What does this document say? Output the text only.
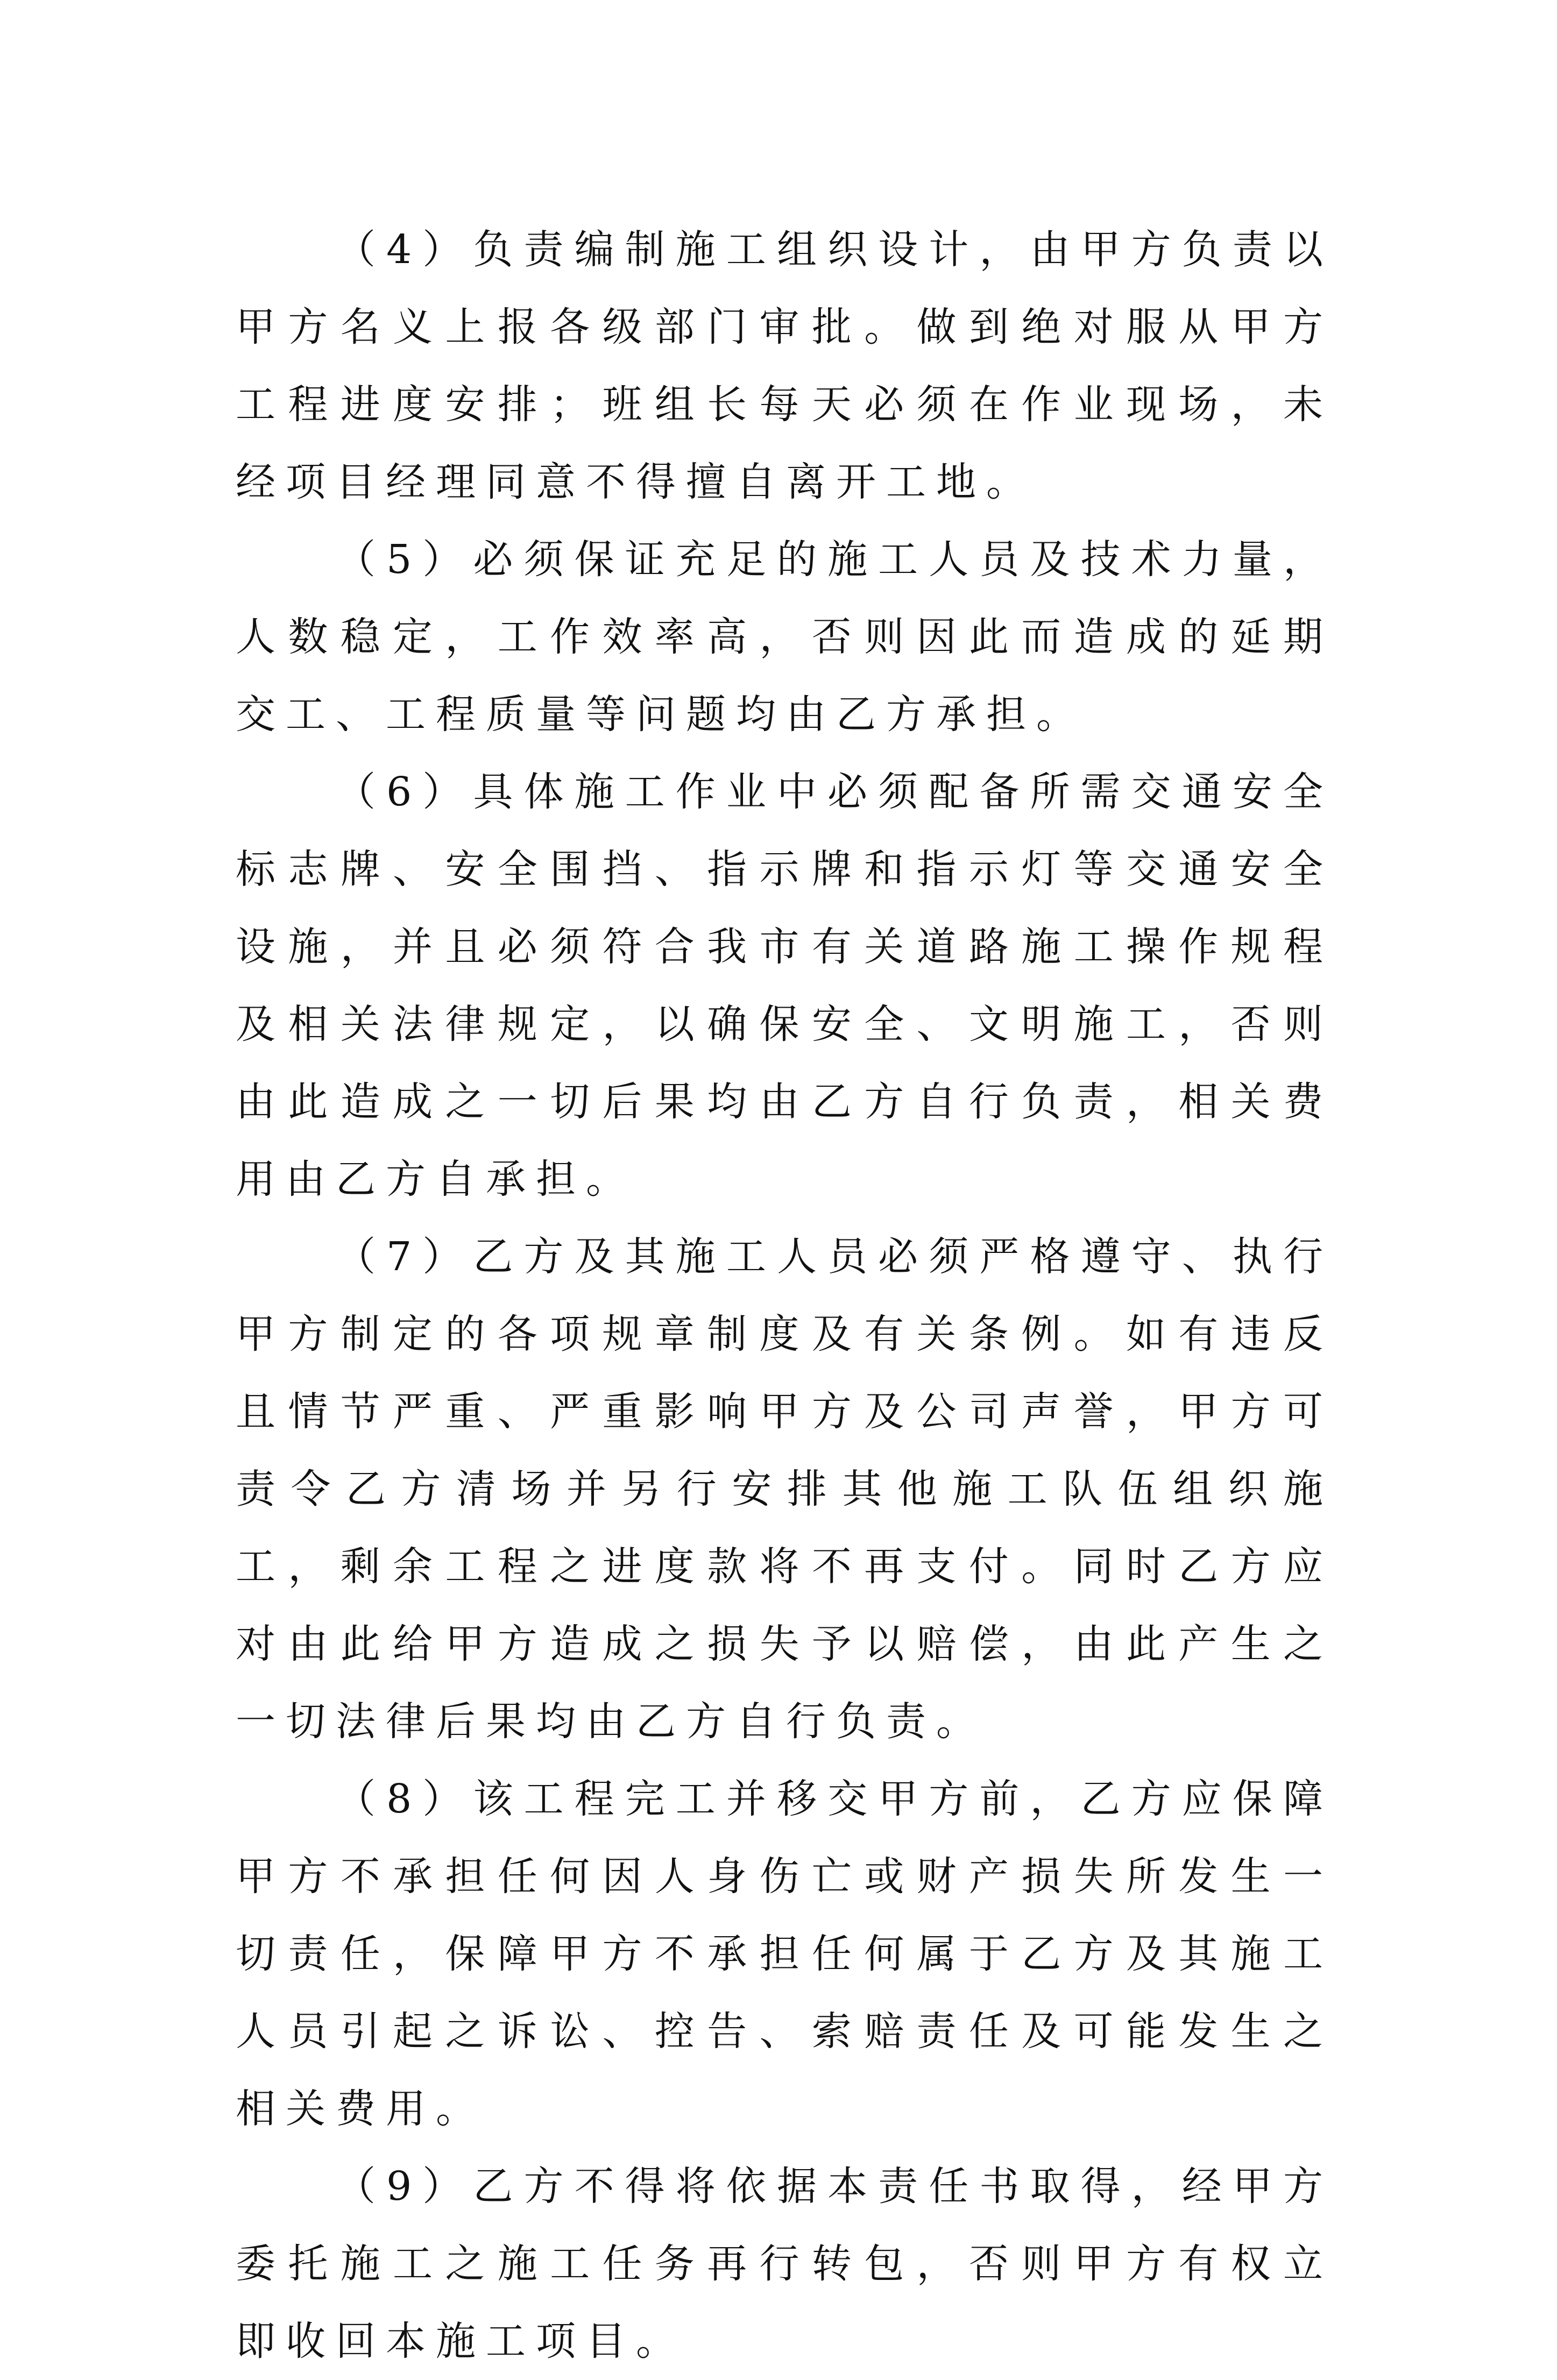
（4）负责编制施工组织设计，由甲方负责以甲方名义上报各级部门审批。做到绝对服从甲方工程进度安排；班组长每天必须在作业现场，未经项目经理同意不得擅自离开工地。

（5）必须保证充足的施工人员及技术力量，人数稳定，工作效率高，否则因此而造成的延期交工、工程质量等问题均由乙方承担。

（6）具体施工作业中必须配备所需交通安全标志牌、安全围挡、指示牌和指示灯等交通安全设施，并且必须符合我市有关道路施工操作规程及相关法律规定，以确保安全、文明施工，否则由此造成之一切后果均由乙方自行负责，相关费用由乙方自承担。

（7）乙方及其施工人员必须严格遵守、执行甲方制定的各项规章制度及有关条例。如有违反且情节严重、严重影响甲方及公司声誉，甲方可责令乙方清场并另行安排其他施工队伍组织施工，剩余工程之进度款将不再支付。同时乙方应对由此给甲方造成之损失予以赔偿，由此产生之一切法律后果均由乙方自行负责。

（8）该工程完工并移交甲方前，乙方应保障甲方不承担任何因人身伤亡或财产损失所发生一切责任，保障甲方不承担任何属于乙方及其施工人员引起之诉讼、控告、索赔责任及可能发生之相关费用。

（9）乙方不得将依据本责任书取得，经甲方委托施工之施工任务再行转包，否则甲方有权立即收回本施工项目。
